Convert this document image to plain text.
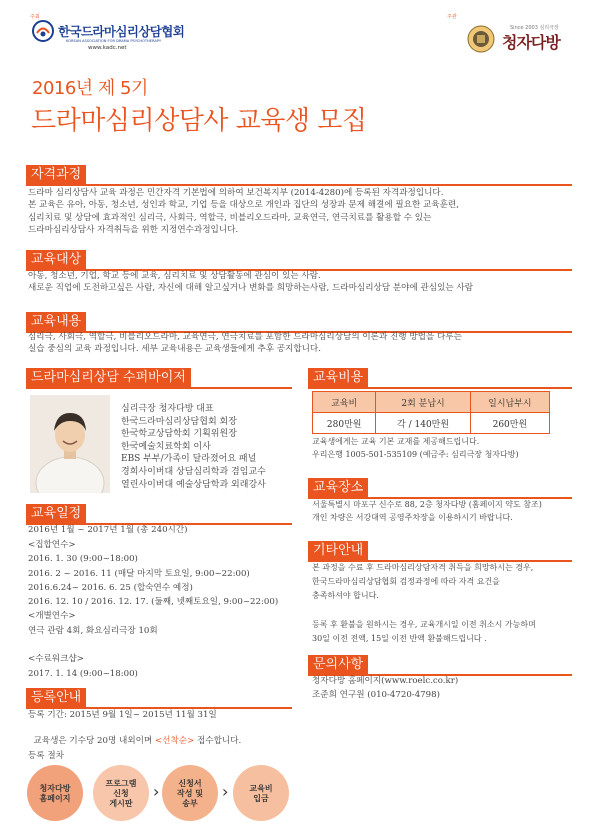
주최
한국드라마심리상담협회
KOREAN ASSOCIATION FOR DRAMA PSYCHOTHERAPY
www.kadc.net
주관
Since 2003 심리극장
청자다방
2016년 제 5기
드라마심리상담사 교육생 모집
자격과정
드라마 심리상담사 교육 과정은 민간자격 기본법에 의하여 보건복지부 (2014-4280)에 등록된 자격과정입니다.
본 교육은 유아, 아동, 청소년, 성인과 학교, 기업 등을 대상으로 개인과 집단의 성장과 문제 해결에 필요한 교육훈련,
심리치료 및 상담에 효과적인 심리극, 사회극, 역할극, 비블리오드라마, 교육연극, 연극치료를 활용할 수 있는
드라마심리상담사 자격취득을 위한 지정연수과정입니다.
교육대상
아동, 청소년, 기업, 학교 등에 교육, 심리치료 및 상담활동에 관심이 있는 사람.
새로운 직업에 도전하고싶은 사람, 자신에 대해 알고싶거나 변화를 희망하는사람, 드라마심리상담 분야에 관심있는 사람
교육내용
심리극, 사회극, 역할극, 비블리오드라마, 교육연극, 연극치료를 포함한 드라마심리상담의 이론과 진행 방법을 다루는
실습 중심의 교육 과정입니다. 세부 교육내용은 교육생들에게 추후 공지합니다.
드라마심리상담 수퍼바이저
심리극장 청자다방 대표
한국드라마심리상담협회 회장
한국학교상담학회 기획위원장
한국예술치료학회 이사
EBS 부부/가족이 달라졌어요 패널
경희사이버대 상담심리학과 겸임교수
열린사이버대 예술상담학과 외래강사
교육일정
2016년 1월 ~ 2017년 1월 (총 240시간)
<집합연수>
2016. 1. 30 (9:00~18:00)
2016. 2 ~ 2016. 11 (매달 마지막 토요일, 9:00~22:00)
2016.6.24~ 2016. 6. 25 (합숙연수 예정)
2016. 12. 10 / 2016. 12. 17. (둘째, 넷째토요일, 9:00~22:00)
<개별연수>
연극 관람 4회, 화요심리극장 10회

<수료워크샵>
2017. 1. 14 (9:00~18:00)
등록안내
등록 기간: 2015년 9월 1일~ 2015년 11월 31일

교육생은 기수당 20명 내외이며 <선착순> 접수합니다.

등록 절차
청자다방
홈페이지
프로그램
신청
게시판
›	신청서
작성 및
송부
›	교육비
입금
교육비용
교육비	2회 분납시	일시납부시
280만원	각 / 140만원	260만원
교육생에게는 교육 기본 교재를 제공해드립니다.
우리은행 1005-501-535109 (예금주: 심리극장 청자다방)
교육장소
서울특별시 마포구 신수로 88, 2층 청자다방 (홈페이지 약도 참조)
개인 차량은 서강대역 공영주차장을 이용하시기 바랍니다.
기타안내
본 과정을 수료 후 드라마심리상담자격 취득을 희망하시는 경우,
한국드라마심리상담협회 검정과정에 따라 자격 요건을
충족하셔야 합니다.

등록 후 환불을 원하시는 경우, 교육개시일 이전 취소시 가능하며
30일 이전 전액, 15일 이전 반액 환불해드립니다 .
문의사항
청자다방 홈페이지(www.roelc.co.kr)
조준희 연구원 (010-4720-4798)
